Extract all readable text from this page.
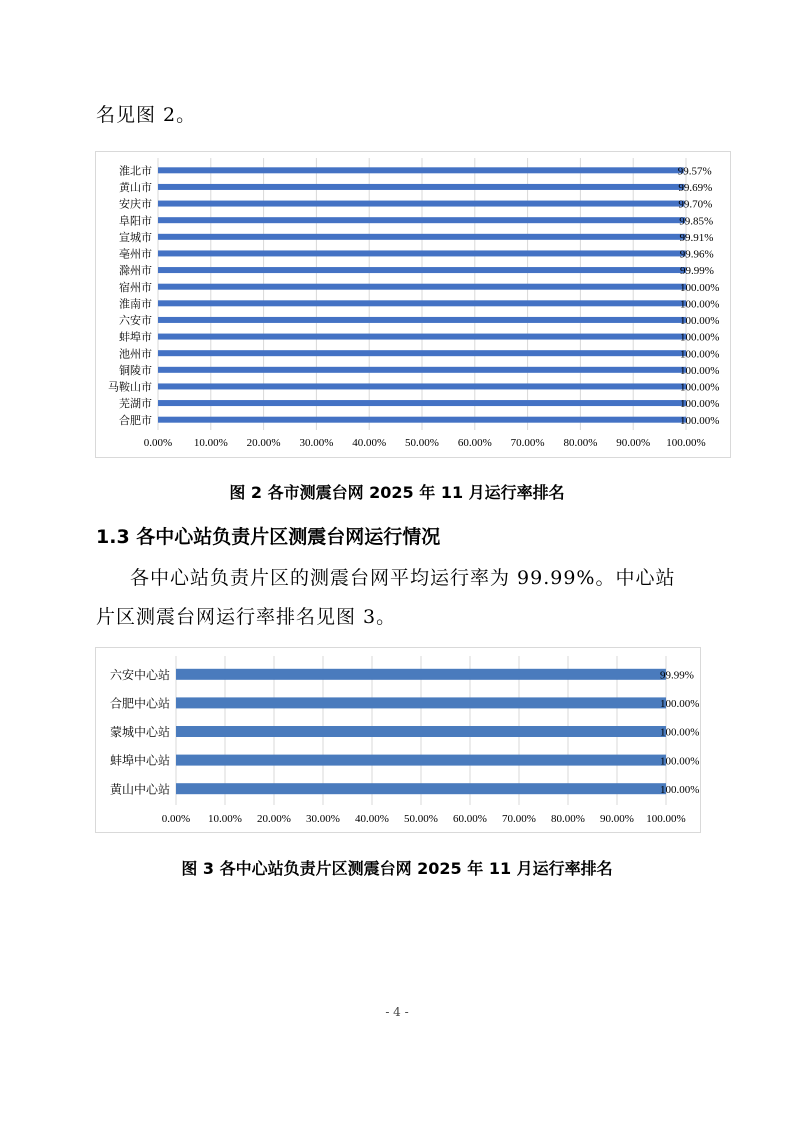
名见图 2。

0.00% 10.00% 20.00% 30.00% 40.00% 50.00% 60.00% 70.00% 80.00% 90.00% 100.00%
淮北市	99.57%
黄山市	99.69%
安庆市	99.70%
阜阳市	99.85%
宣城市	99.91%
亳州市	99.96%
滁州市	99.99%
宿州市	100.00%
淮南市	100.00%
六安市	100.00%
蚌埠市	100.00%
池州市	100.00%
铜陵市	100.00%
马鞍山市	100.00%
芜湖市	100.00%
合肥市	100.00%

图 2 各市测震台网 2025 年 11 月运行率排名

1.3 各中心站负责片区测震台网运行情况

各中心站负责片区的测震台网平均运行率为 99.99%。中心站

片区测震台网运行率排名见图 3。

0.00% 10.00% 20.00% 30.00% 40.00% 50.00% 60.00% 70.00% 80.00% 90.00% 100.00%
六安中心站	99.99%
合肥中心站	100.00%
蒙城中心站	100.00%
蚌埠中心站	100.00%
黄山中心站	100.00%

图 3 各中心站负责片区测震台网 2025 年 11 月运行率排名

- 4 -
